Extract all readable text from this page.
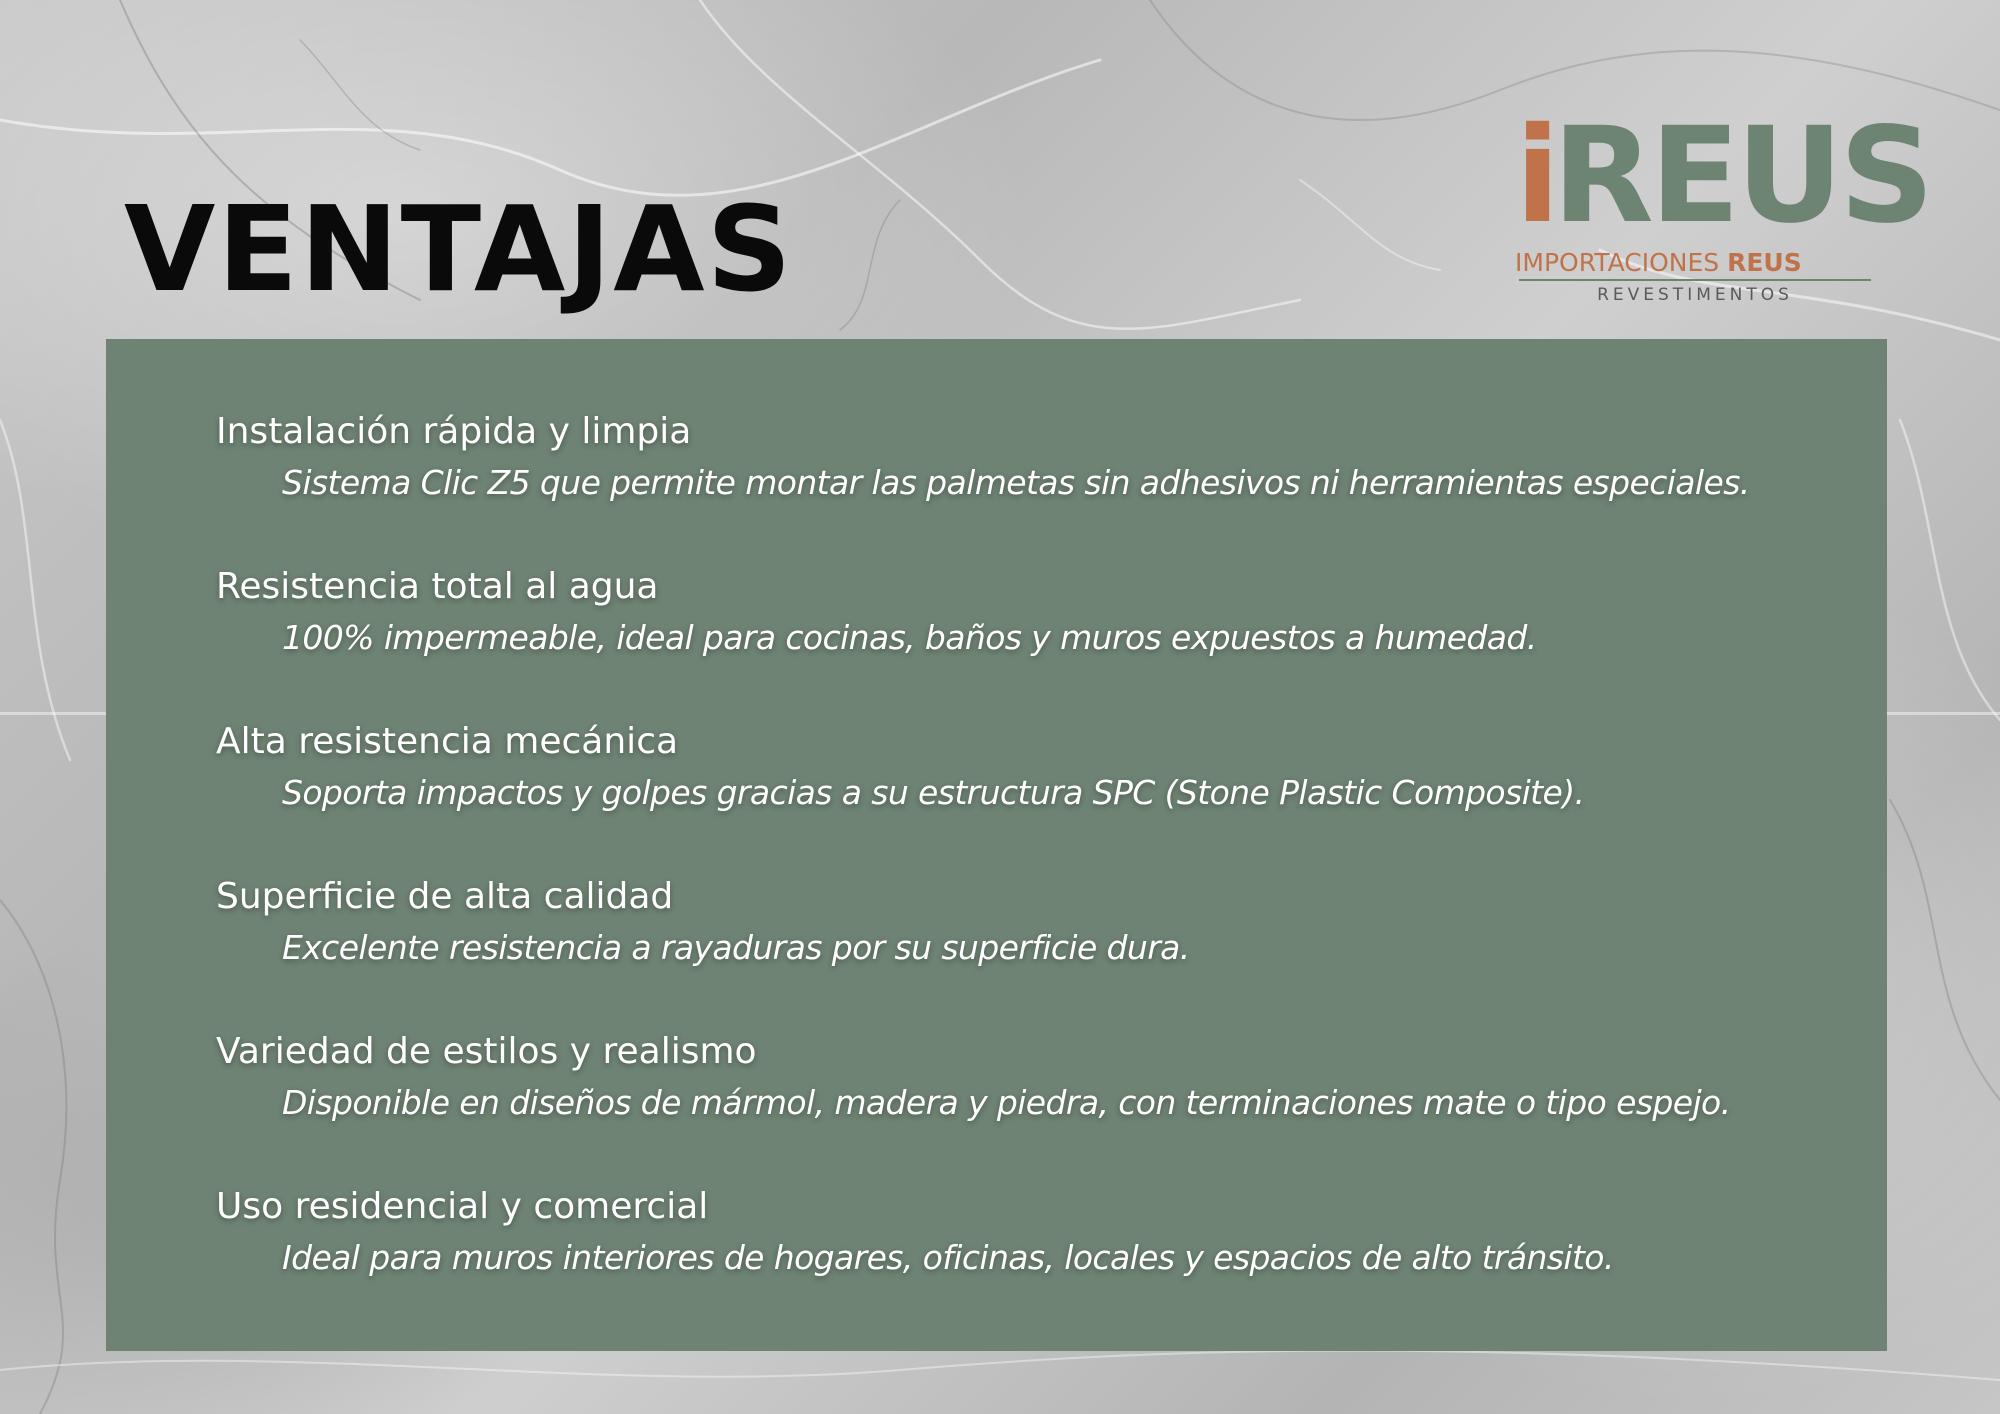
VENTAJAS	i REUS
IMPORTACIONES REUS
REVESTIMENTOS
Instalación rápida y limpia
Sistema Clic Z5 que permite montar las palmetas sin adhesivos ni herramientas especiales.
Resistencia total al agua
100% impermeable, ideal para cocinas, baños y muros expuestos a humedad.
Alta resistencia mecánica
Soporta impactos y golpes gracias a su estructura SPC (Stone Plastic Composite).
Superficie de alta calidad
Excelente resistencia a rayaduras por su superficie dura.
Variedad de estilos y realismo
Disponible en diseños de mármol, madera y piedra, con terminaciones mate o tipo espejo.
Uso residencial y comercial
Ideal para muros interiores de hogares, oficinas, locales y espacios de alto tránsito.
